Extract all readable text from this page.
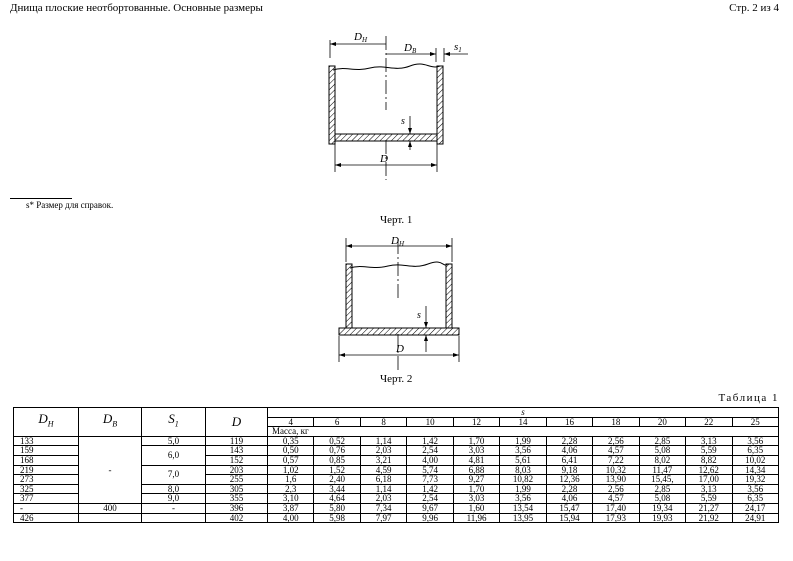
Днища плоские неотбортованные. Основные размеры	Стр. 2 из 4
DН
DВ	s1
s
D
s* Размер для справок.
Черт. 1
DН
s
D
Черт. 2
Таблица 1
$D_Н$	$D_В$	$S_1$	D	s										
				4	6	8	10	12	14	16	18	20	22	25
				Масса, кг										
133	-	5,0	119	0,35	0,52	1,14	1,42	1,70	1,99	2,28	2,56	2,85	3,13	3,56
159		6,0	143	0,50	0,76	2,03	2,54	3,03	3,56	4,06	4,57	5,08	5,59	6,35
168			152	0,57	0,85	3,21	4,00	4,81	5,61	6,41	7,22	8,02	8,82	10,02
219		7,0	203	1,02	1,52	4,59	5,74	6,88	8,03	9,18	10,32	11,47	12,62	14,34
273			255	1,6	2,40	6,18	7,73	9,27	10,82	12,36	13,90	15,45,	17,00	19,32
325		8,0	305	2,3	3,44	1,14	1,42	1,70	1,99	2,28	2,56	2,85	3,13	3,56
377		9,0	355	3,10	4,64	2,03	2,54	3,03	3,56	4,06	4,57	5,08	5,59	6,35
-	400	-	396	3,87	5,80	7,34	9,67	1,60	13,54	15,47	17,40	19,34	21,27	24,17
426			402	4,00	5,98	7,97	9,96	11,96	13,95	15,94	17,93	19,93	21,92	24,91
